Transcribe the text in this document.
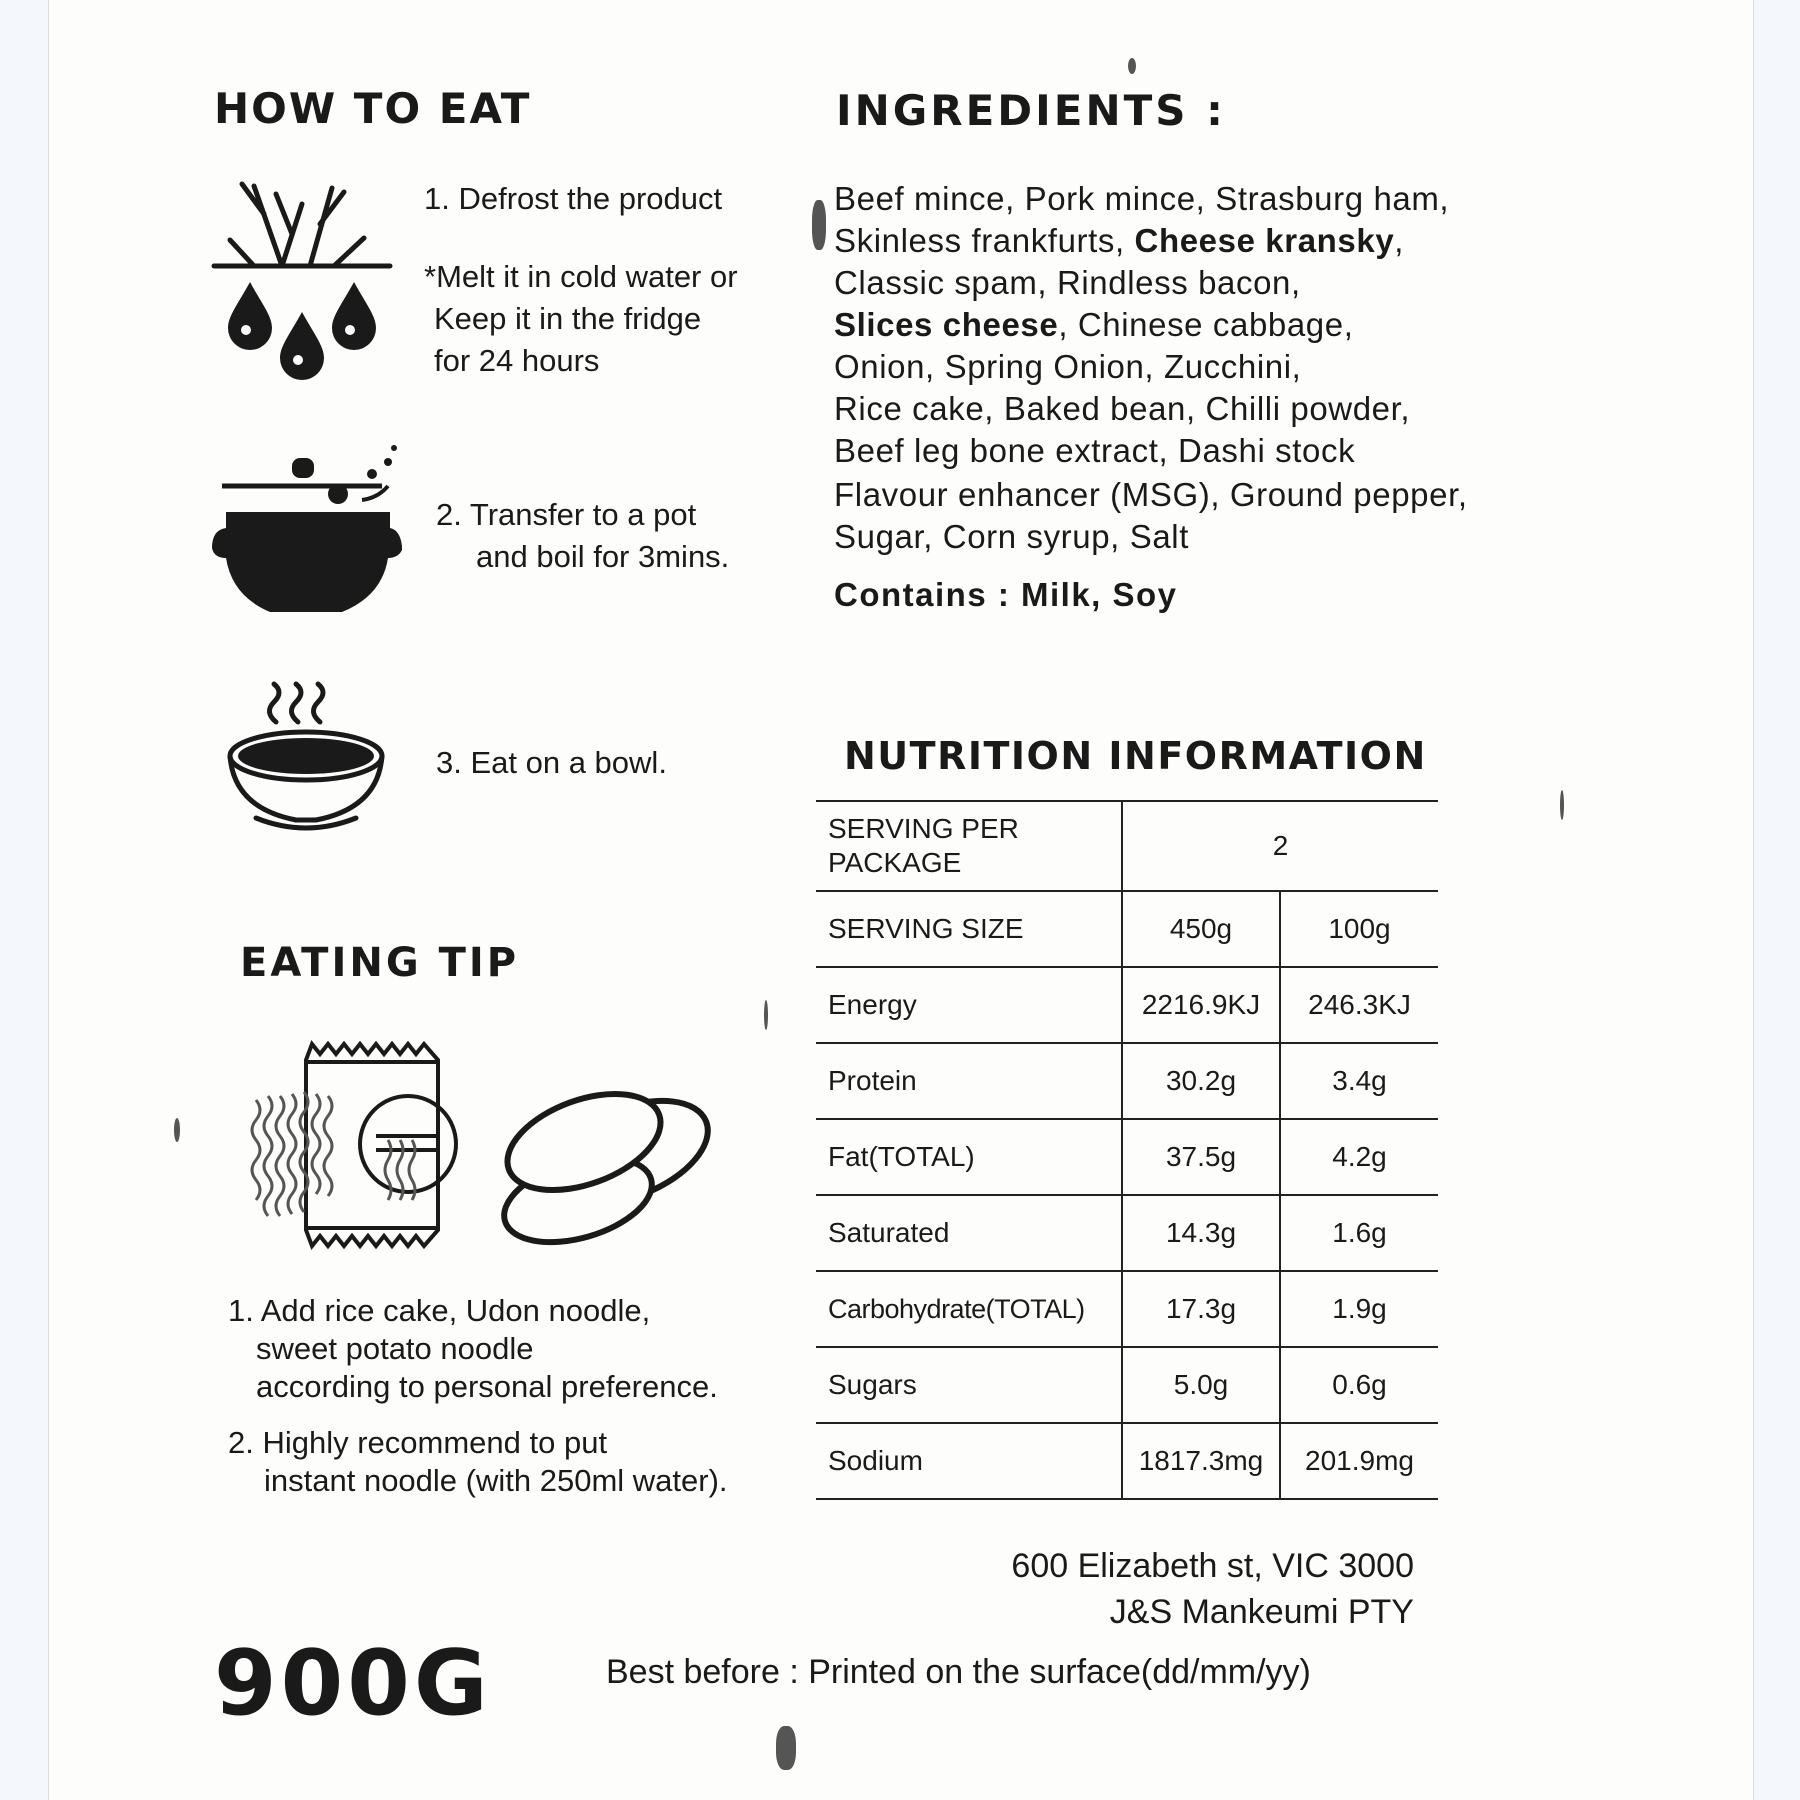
HOW TO EAT
1. Defrost the product
*Melt it in cold water or
Keep it in the fridge
for 24 hours
2. Transfer to a pot
and boil for 3mins.
3. Eat on a bowl.
INGREDIENTS :
Beef mince, Pork mince, Strasburg ham,
Skinless frankfurts, Cheese kransky,
Classic spam, Rindless bacon,
Slices cheese, Chinese cabbage,
Onion, Spring Onion, Zucchini,
Rice cake, Baked bean, Chilli powder,
Beef leg bone extract, Dashi stock
Flavour enhancer (MSG), Ground pepper,
Sugar, Corn syrup, Salt
Contains : Milk, Soy
NUTRITION INFORMATION
SERVING PER
PACKAGE	2	
SERVING SIZE	450g	100g
Energy	2216.9KJ	246.3KJ
Protein	30.2g	3.4g
Fat(TOTAL)	37.5g	4.2g
Saturated	14.3g	1.6g
Carbohydrate(TOTAL)	17.3g	1.9g
Sugars	5.0g	0.6g
Sodium	1817.3mg	201.9mg
EATING TIP
1. Add rice cake, Udon noodle,
sweet potato noodle
according to personal preference.
2. Highly recommend to put
instant noodle (with 250ml water).
600 Elizabeth st, VIC 3000
J&S Mankeumi PTY
900G	Best before : Printed on the surface(dd/mm/yy)
